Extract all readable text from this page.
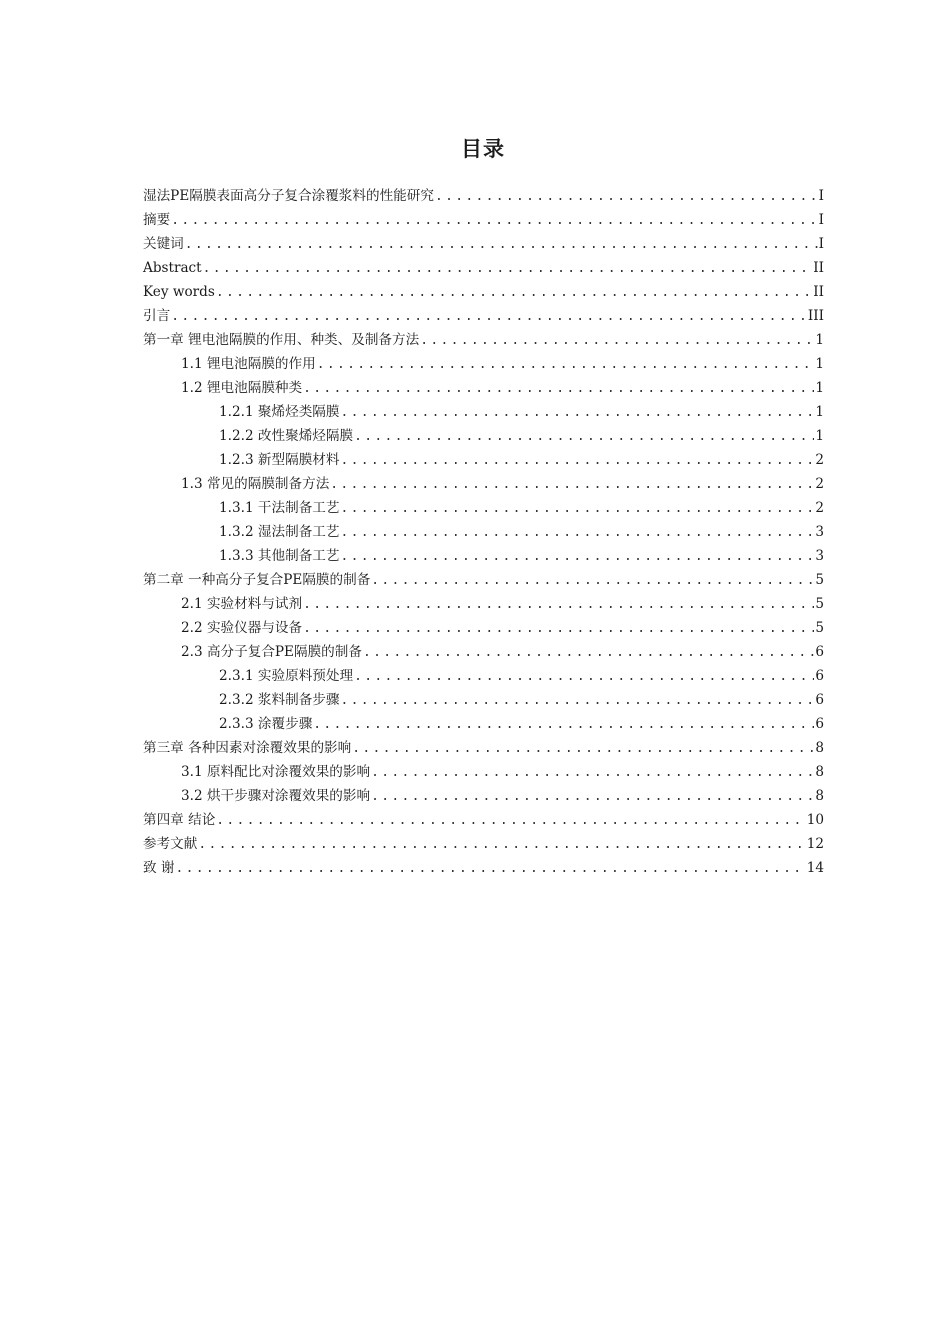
目录
湿法PE隔膜表面高分子复合涂覆浆料的性能研究 .....	I
摘要 .....	I
关键词 .....	I
Abstract .....	II
Key words .....	II
引言 .....	III
第一章 锂电池隔膜的作用、种类、及制备方法 .....	1
1.1 锂电池隔膜的作用 .....	1
1.2 锂电池隔膜种类 .....	1
1.2.1 聚烯烃类隔膜 .....	1
1.2.2 改性聚烯烃隔膜 .....	1
1.2.3 新型隔膜材料 .....	2
1.3 常见的隔膜制备方法 .....	2
1.3.1 干法制备工艺 .....	2
1.3.2 湿法制备工艺 .....	3
1.3.3 其他制备工艺 .....	3
第二章 一种高分子复合PE隔膜的制备 .....	5
2.1 实验材料与试剂 .....	5
2.2 实验仪器与设备 .....	5
2.3 高分子复合PE隔膜的制备 .....	6
2.3.1 实验原料预处理 .....	6
2.3.2 浆料制备步骤 .....	6
2.3.3 涂覆步骤 .....	6
第三章 各种因素对涂覆效果的影响 .....	8
3.1 原料配比对涂覆效果的影响 .....	8
3.2 烘干步骤对涂覆效果的影响 .....	8
第四章 结论 .....	10
参考文献 .....	12
致 谢 .....	14
